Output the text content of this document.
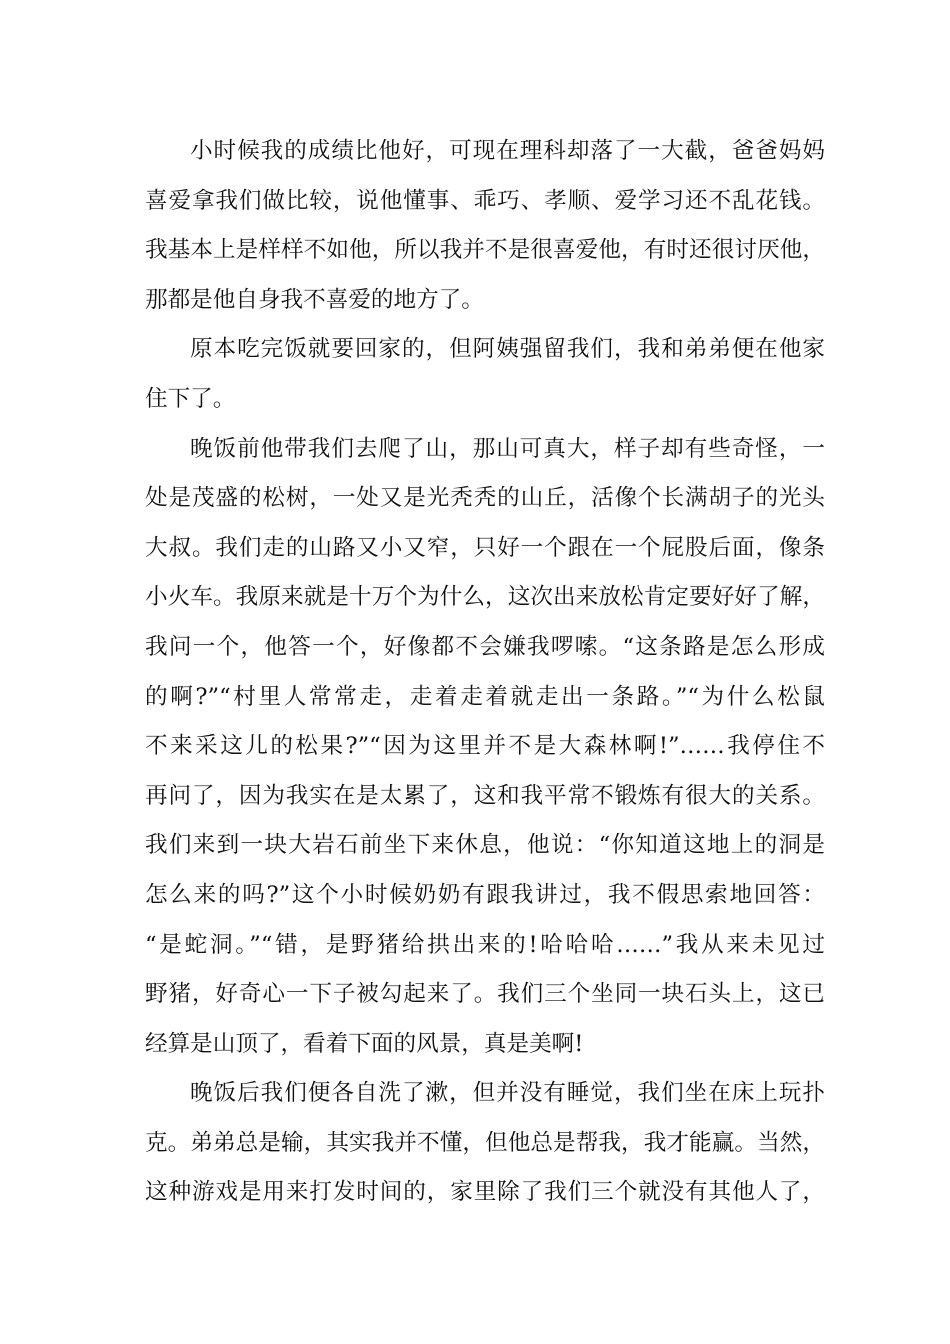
小时候我的成绩比他好，可现在理科却落了一大截，爸爸妈妈
喜爱拿我们做比较，说他懂事、乖巧、孝顺、爱学习还不乱花钱。
我基本上是样样不如他，所以我并不是很喜爱他，有时还很讨厌他，
那都是他自身我不喜爱的地方了。
原本吃完饭就要回家的，但阿姨强留我们，我和弟弟便在他家
住下了。
晚饭前他带我们去爬了山，那山可真大，样子却有些奇怪，一
处是茂盛的松树，一处又是光秃秃的山丘，活像个长满胡子的光头
大叔。我们走的山路又小又窄，只好一个跟在一个屁股后面，像条
小火车。我原来就是十万个为什么，这次出来放松肯定要好好了解，
我问一个，他答一个，好像都不会嫌我啰嗦。“这条路是怎么形成
的啊?”“村里人常常走，走着走着就走出一条路。”“为什么松鼠
不来采这儿的松果?”“因为这里并不是大森林啊!”……我停住不
再问了，因为我实在是太累了，这和我平常不锻炼有很大的关系。
我们来到一块大岩石前坐下来休息，他说：“你知道这地上的洞是
怎么来的吗?”这个小时候奶奶有跟我讲过，我不假思索地回答：
“是蛇洞。”“错，是野猪给拱出来的!哈哈哈……”我从来未见过
野猪，好奇心一下子被勾起来了。我们三个坐同一块石头上，这已
经算是山顶了，看着下面的风景，真是美啊!
晚饭后我们便各自洗了漱，但并没有睡觉，我们坐在床上玩扑
克。弟弟总是输，其实我并不懂，但他总是帮我，我才能赢。当然，
这种游戏是用来打发时间的，家里除了我们三个就没有其他人了，
